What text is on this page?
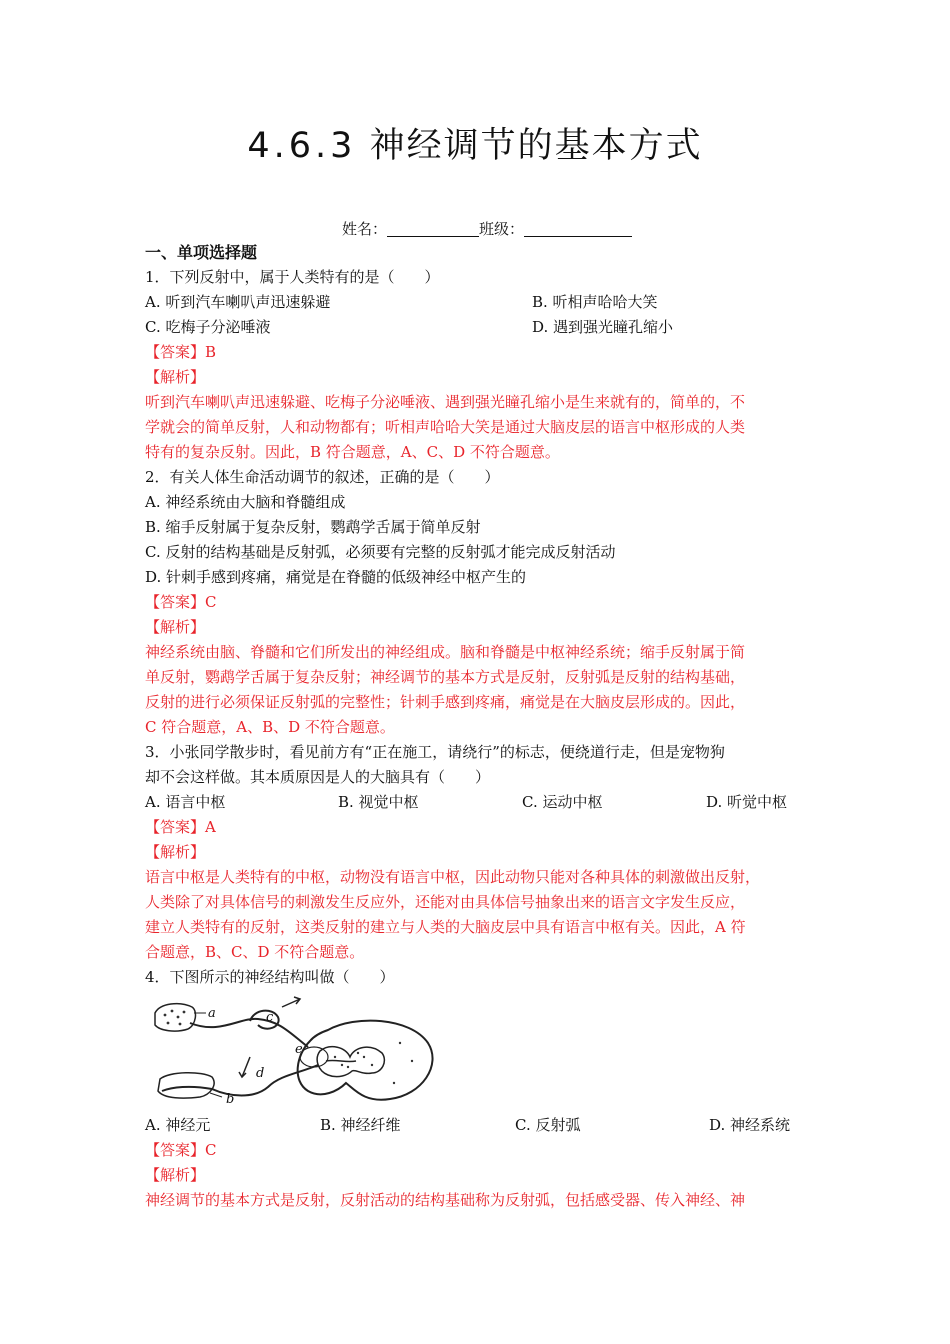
4.6.3 神经调节的基本方式
姓名：	班级：
一、单项选择题
1．下列反射中，属于人类特有的是（　　）
A. 听到汽车喇叭声迅速躲避	B. 听相声哈哈大笑
C. 吃梅子分泌唾液	D. 遇到强光瞳孔缩小
【答案】B
【解析】
听到汽车喇叭声迅速躲避、吃梅子分泌唾液、遇到强光瞳孔缩小是生来就有的，简单的，不
学就会的简单反射，人和动物都有；听相声哈哈大笑是通过大脑皮层的语言中枢形成的人类
特有的复杂反射。因此，B 符合题意，A、C、D 不符合题意。
2．有关人体生命活动调节的叙述，正确的是（　　）
A. 神经系统由大脑和脊髓组成
B. 缩手反射属于复杂反射，鹦鹉学舌属于简单反射
C. 反射的结构基础是反射弧，必须要有完整的反射弧才能完成反射活动
D. 针刺手感到疼痛，痛觉是在脊髓的低级神经中枢产生的
【答案】C
【解析】
神经系统由脑、脊髓和它们所发出的神经组成。脑和脊髓是中枢神经系统；缩手反射属于简
单反射，鹦鹉学舌属于复杂反射；神经调节的基本方式是反射，反射弧是反射的结构基础，
反射的进行必须保证反射弧的完整性；针刺手感到疼痛，痛觉是在大脑皮层形成的。因此，
C 符合题意，A、B、D 不符合题意。
3．小张同学散步时，看见前方有“正在施工，请绕行”的标志，便绕道行走，但是宠物狗
却不会这样做。其本质原因是人的大脑具有（　　）
A. 语言中枢	B. 视觉中枢	C. 运动中枢	D. 听觉中枢
【答案】A
【解析】
语言中枢是人类特有的中枢，动物没有语言中枢，因此动物只能对各种具体的刺激做出反射，
人类除了对具体信号的刺激发生反应外，还能对由具体信号抽象出来的语言文字发生反应，
建立人类特有的反射，这类反射的建立与人类的大脑皮层中具有语言中枢有关。因此，A 符
合题意，B、C、D 不符合题意。
4．下图所示的神经结构叫做（　　）
a
b
c
d
e
A. 神经元	B. 神经纤维	C. 反射弧	D. 神经系统
【答案】C
【解析】
神经调节的基本方式是反射，反射活动的结构基础称为反射弧，包括感受器、传入神经、神
